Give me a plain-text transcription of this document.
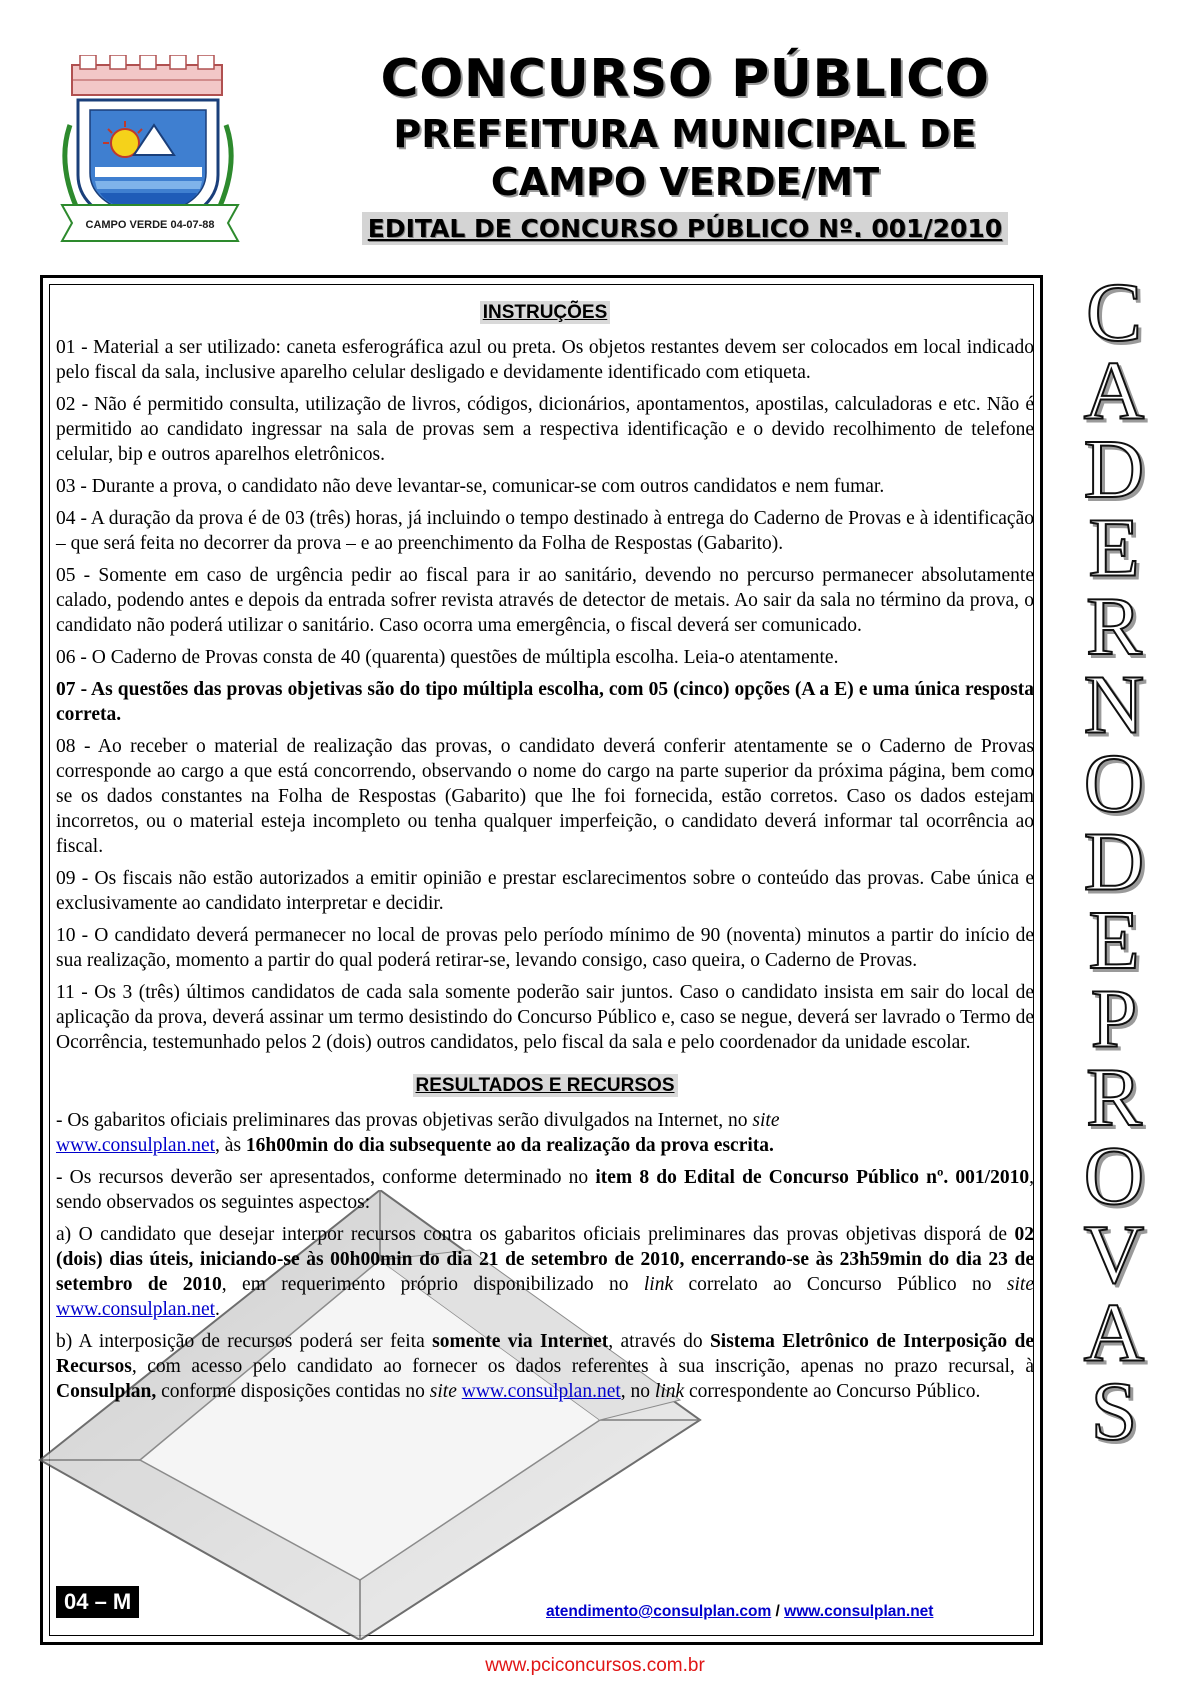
CAMPO VERDE 04-07-88
CONCURSO PÚBLICO
PREFEITURA MUNICIPAL DE
CAMPO VERDE/MT
EDITAL DE CONCURSO PÚBLICO Nº. 001/2010
C A D E R N O
D E
P R O V A S
INSTRUÇÕES

01 - Material a ser utilizado: caneta esferográfica azul ou preta. Os objetos restantes devem ser colocados em local indicado pelo fiscal da sala, inclusive aparelho celular desligado e devidamente identificado com etiqueta.

02 - Não é permitido consulta, utilização de livros, códigos, dicionários, apontamentos, apostilas, calculadoras e etc. Não é permitido ao candidato ingressar na sala de provas sem a respectiva identificação e o devido recolhimento de telefone celular, bip e outros aparelhos eletrônicos.

03 - Durante a prova, o candidato não deve levantar-se, comunicar-se com outros candidatos e nem fumar.

04 - A duração da prova é de 03 (três) horas, já incluindo o tempo destinado à entrega do Caderno de Provas e à identificação – que será feita no decorrer da prova – e ao preenchimento da Folha de Respostas (Gabarito).

05 - Somente em caso de urgência pedir ao fiscal para ir ao sanitário, devendo no percurso permanecer absolutamente calado, podendo antes e depois da entrada sofrer revista através de detector de metais. Ao sair da sala no término da prova, o candidato não poderá utilizar o sanitário. Caso ocorra uma emergência, o fiscal deverá ser comunicado.

06 - O Caderno de Provas consta de 40 (quarenta) questões de múltipla escolha. Leia-o atentamente.

07 - As questões das provas objetivas são do tipo múltipla escolha, com 05 (cinco) opções (A a E) e uma única resposta correta.

08 - Ao receber o material de realização das provas, o candidato deverá conferir atentamente se o Caderno de Provas corresponde ao cargo a que está concorrendo, observando o nome do cargo na parte superior da próxima página, bem como se os dados constantes na Folha de Respostas (Gabarito) que lhe foi fornecida, estão corretos. Caso os dados estejam incorretos, ou o material esteja incompleto ou tenha qualquer imperfeição, o candidato deverá informar tal ocorrência ao fiscal.

09 - Os fiscais não estão autorizados a emitir opinião e prestar esclarecimentos sobre o conteúdo das provas. Cabe única e exclusivamente ao candidato interpretar e decidir.

10 - O candidato deverá permanecer no local de provas pelo período mínimo de 90 (noventa) minutos a partir do início de sua realização, momento a partir do qual poderá retirar-se, levando consigo, caso queira, o Caderno de Provas.

11 - Os 3 (três) últimos candidatos de cada sala somente poderão sair juntos. Caso o candidato insista em sair do local de aplicação da prova, deverá assinar um termo desistindo do Concurso Público e, caso se negue, deverá ser lavrado o Termo de Ocorrência, testemunhado pelos 2 (dois) outros candidatos, pelo fiscal da sala e pelo coordenador da unidade escolar.

RESULTADOS E RECURSOS

- Os gabaritos oficiais preliminares das provas objetivas serão divulgados na Internet, no site
www.consulplan.net, às 16h00min do dia subsequente ao da realização da prova escrita.

- Os recursos deverão ser apresentados, conforme determinado no item 8 do Edital de Concurso Público nº. 001/2010, sendo observados os seguintes aspectos:

a) O candidato que desejar interpor recursos contra os gabaritos oficiais preliminares das provas objetivas disporá de 02 (dois) dias úteis, iniciando-se às 00h00min do dia 21 de setembro de 2010, encerrando-se às 23h59min do dia 23 de setembro de 2010, em requerimento próprio disponibilizado no link correlato ao Concurso Público no site www.consulplan.net.

b) A interposição de recursos poderá ser feita somente via Internet, através do Sistema Eletrônico de Interposição de Recursos, com acesso pelo candidato ao fornecer os dados referentes à sua inscrição, apenas no prazo recursal, à Consulplan, conforme disposições contidas no site www.consulplan.net, no link correspondente ao Concurso Público.

04 – M	atendimento@consulplan.com / www.consulplan.net
www.pciconcursos.com.br
